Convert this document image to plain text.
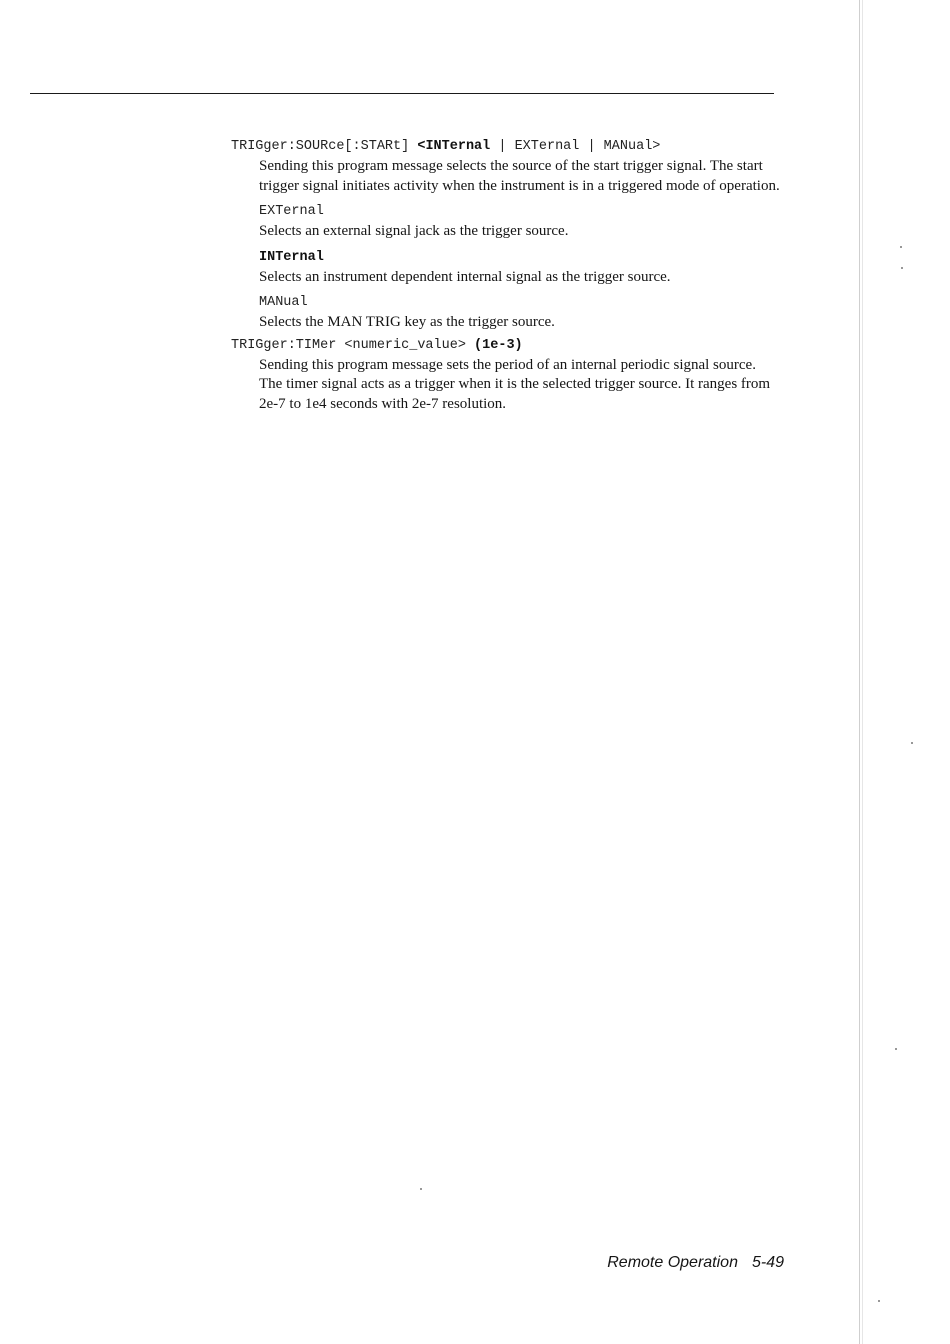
TRIGger:SOURce[:STARt] <INTernal | EXTernal | MANual>
Sending this program message selects the source of the start trigger signal. The start trigger signal initiates activity when the instrument is in a triggered mode of operation.
EXTernal
Selects an external signal jack as the trigger source.
INTernal
Selects an instrument dependent internal signal as the trigger source.
MANual
Selects the MAN TRIG key as the trigger source.
TRIGger:TIMer <numeric_value> (1e-3)
Sending this program message sets the period of an internal periodic signal source. The timer signal acts as a trigger when it is the selected trigger source. It ranges from 2e-7 to 1e4 seconds with 2e-7 resolution.
Remote Operation 5-49
